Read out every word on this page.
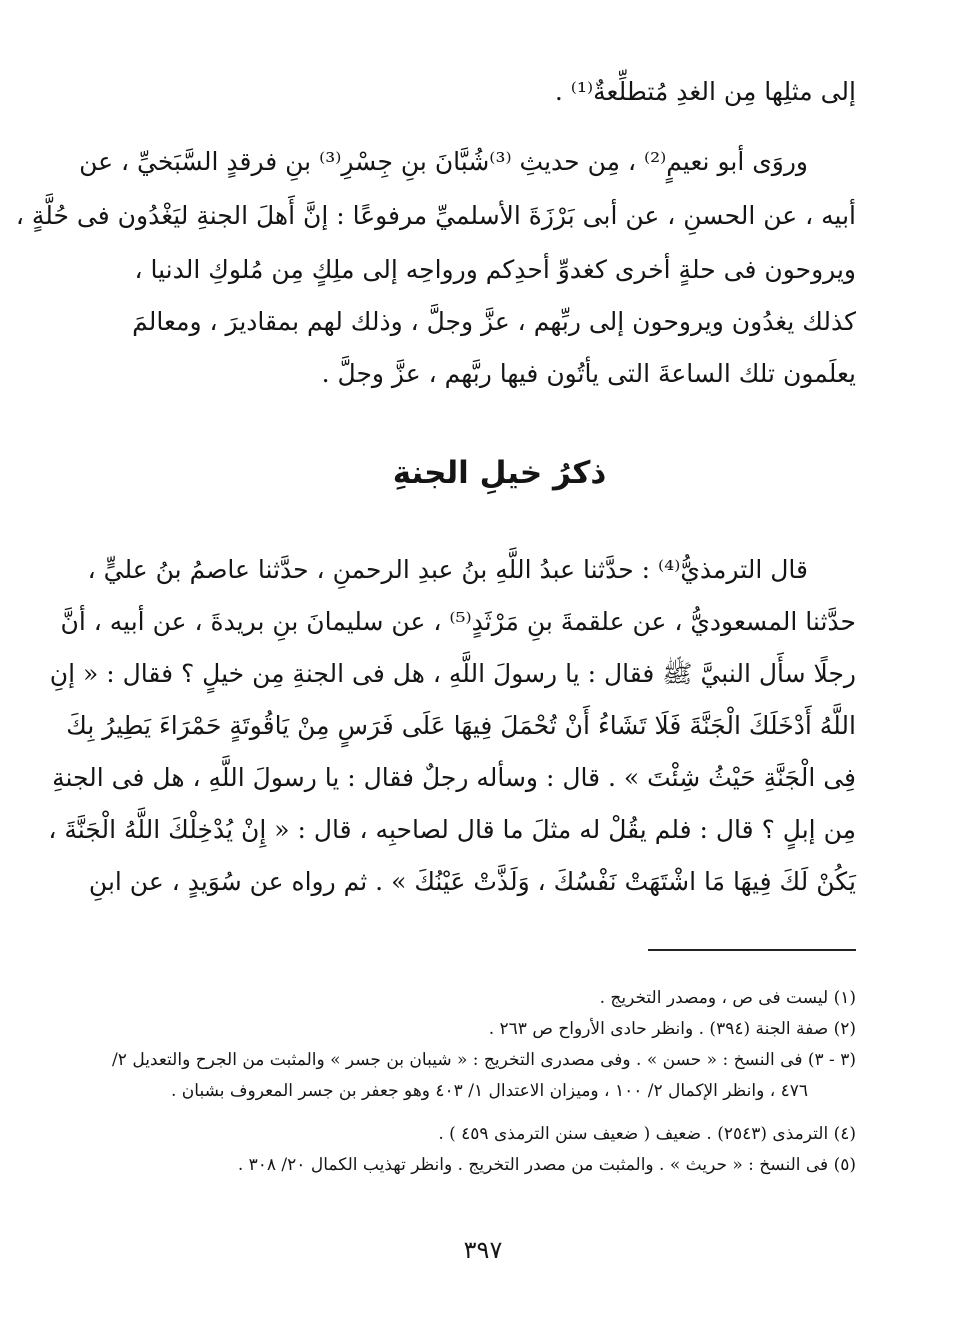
إلى مثلِها مِن الغدِ مُتطلِّعةٌ⁽¹⁾ .
وروَى أبو نعيمٍ⁽²⁾ ، مِن حديثِ ⁽³⁾شُبَّانَ بنِ جِسْرِ⁽³⁾ بنِ فرقدٍ السَّبَخيِّ ، عن
أبيه ، عن الحسنِ ، عن أبى بَرْزَةَ الأسلميِّ مرفوعًا : إنَّ أَهلَ الجنةِ ليَغْدُون فى حُلَّةٍ ،
ويروحون فى حلةٍ أخرى كغدوِّ أحدِكم ورواحِه إلى ملِكٍ مِن مُلوكِ الدنيا ،
كذلك يغدُون ويروحون إلى ربِّهم ، عزَّ وجلَّ ، وذلك لهم بمقاديرَ ، ومعالمَ
يعلَمون تلك الساعةَ التى يأتُون فيها ربَّهم ، عزَّ وجلَّ .
ذكرُ خيلِ الجنةِ
قال الترمذيُّ⁽⁴⁾ : حدَّثنا عبدُ اللَّهِ بنُ عبدِ الرحمنِ ، حدَّثنا عاصمُ بنُ عليٍّ ،
حدَّثنا المسعوديُّ ، عن علقمةَ بنِ مَرْثَدٍ⁽⁵⁾ ، عن سليمانَ بنِ بريدةَ ، عن أبيه ، أنَّ
رجلًا سأَل النبيَّ ﷺ فقال : يا رسولَ اللَّهِ ، هل فى الجنةِ مِن خيلٍ ؟ فقال : « إنِ
اللَّهُ أَدْخَلَكَ الْجَنَّةَ فَلَا تَشَاءُ أَنْ تُحْمَلَ فِيهَا عَلَى فَرَسٍ مِنْ يَاقُوتَةٍ حَمْرَاءَ يَطِيرُ بِكَ
فِى الْجَنَّةِ حَيْثُ شِئْتَ » . قال : وسأله رجلٌ فقال : يا رسولَ اللَّهِ ، هل فى الجنةِ
مِن إبلٍ ؟ قال : فلم يقُلْ له مثلَ ما قال لصاحبِه ، قال : « إِنْ يُدْخِلْكَ اللَّهُ الْجَنَّةَ ،
يَكُنْ لَكَ فِيهَا مَا اشْتَهَتْ نَفْسُكَ ، وَلَذَّتْ عَيْنُكَ » . ثم رواه عن سُوَيدٍ ، عن ابنِ
(١) ليست فى ص ، ومصدر التخريج .
(٢) صفة الجنة (٣٩٤) . وانظر حادى الأرواح ص ٢٦٣ .
(٣ - ٣) فى النسخ : « حسن » . وفى مصدرى التخريج : « شيبان بن جسر » والمثبت من الجرح والتعديل ٢/
٤٧٦ ، وانظر الإكمال ٢/ ١٠٠ ، وميزان الاعتدال ١/ ٤٠٣ وهو جعفر بن جسر المعروف بشبان .
(٤) الترمذى (٢٥٤٣) . ضعيف ( ضعيف سنن الترمذى ٤٥٩ ) .
(٥) فى النسخ : « حريث » . والمثبت من مصدر التخريج . وانظر تهذيب الكمال ٢٠/ ٣٠٨ .
٣٩٧
